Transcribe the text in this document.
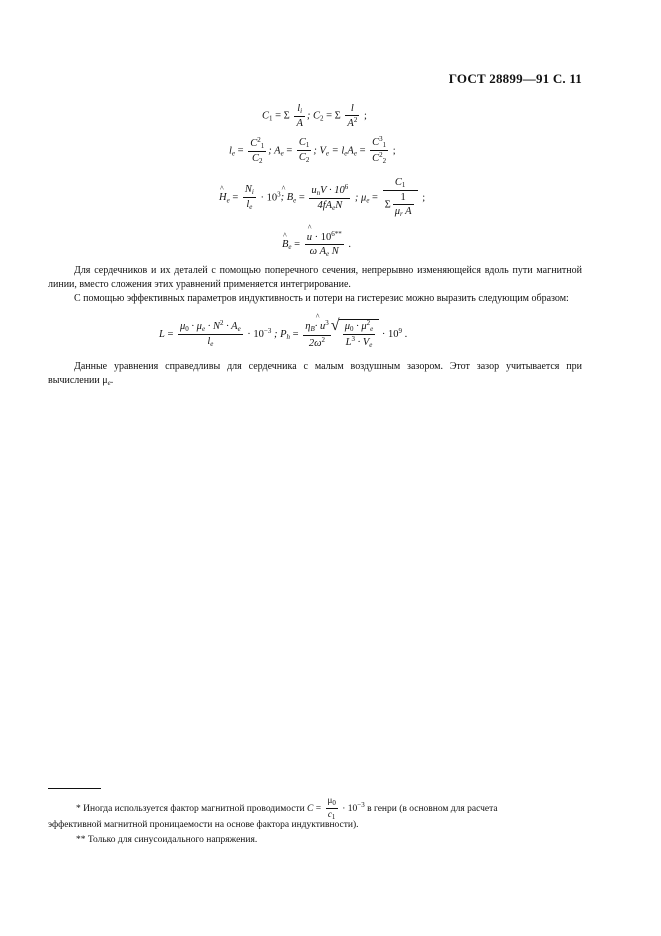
ГОСТ 28899—91 С. 11
$C_1 = \Sigma \frac{l_i}{A}$ ; $C_2 = \Sigma \frac{l}{A^2}$ ;
$l_e = \frac{C^2_1}{C_2}$ ; $A_e = \frac{C_1}{C_2}$ ; $V_e = l_eA_e = \frac{C^3_1}{C^2_2}$ ;
^ $H_e = \frac{N_i}{l_e}$ · $10^3\^{}$ ; $B_e = \frac{u_nV \cdot 10^6}{4fA_eN}$ ; $\mu_e = \frac{C_1}{\Sigma \frac{1}{\mu_r A}}$ ;
^ $B_e$ = ^ $\frac{u \cdot 10^{6**}}{\omega A_e N}$ .

Для сердечников и их деталей с помощью поперечного сечения, непрерывно изменяющейся вдоль пути магнитной линии, вместо сложения этих уравнений применяется интегрирование.

С помощью эффективных параметров индуктивность и потери на гистерезис можно выразить следующим образом:

$L = \frac{\mu_0 \cdot \mu_e \cdot N^2 \cdot A_e}{l_e} \cdot 10^{-3}$ ; $P_h = \frac{\eta_B\^{} \cdot u^3}{2\omega^2}$ √ $\frac{\mu_0 \cdot \mu^2_e}{L^3 \cdot V_e} \cdot 10^9$ .

Данные уравнения справедливы для сердечника с малым воздушным зазором. Этот зазор учитывается при вычислении $\mu_e$.

* Иногда используется фактор магнитной проводимости $C = \frac{\mu_0}{c_1} \cdot 10^{-3}$ в генри (в основном для расчета
эффективной магнитной проницаемости на основе фактора индуктивности).
** Только для синусоидального напряжения.
